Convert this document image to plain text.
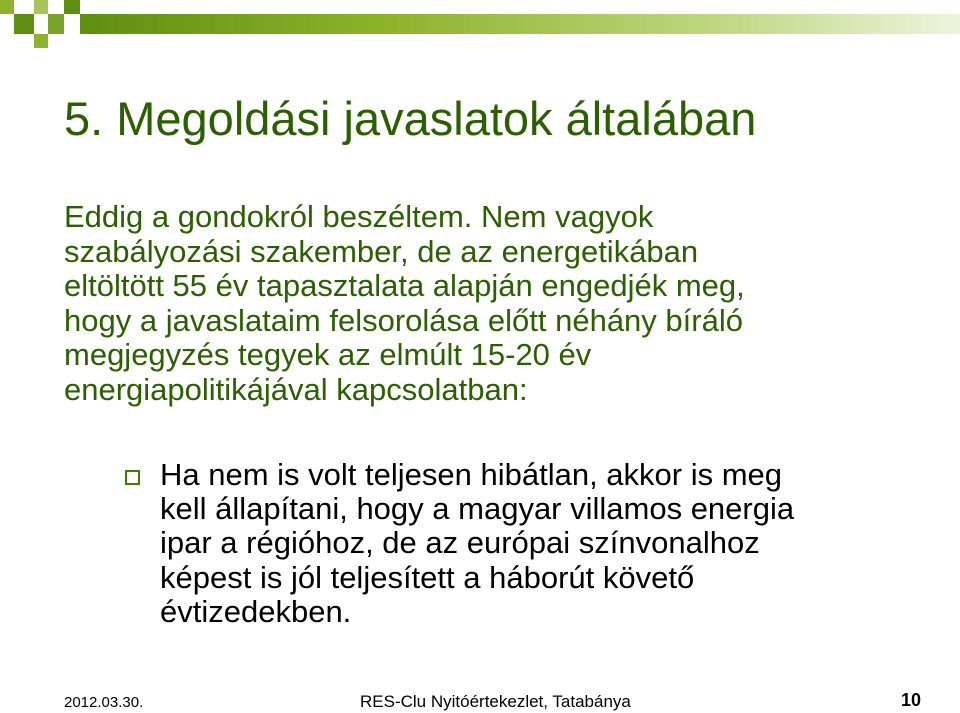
5. Megoldási javaslatok általában

Eddig a gondokról beszéltem. Nem vagyok
szabályozási szakember, de az energetikában
eltöltött 55 év tapasztalata alapján engedjék meg,
hogy a javaslataim felsorolása előtt néhány bíráló
megjegyzés tegyek az elmúlt 15-20 év
energiapolitikájával kapcsolatban:

Ha nem is volt teljesen hibátlan, akkor is meg
kell állapítani, hogy a magyar villamos energia
ipar a régióhoz, de az európai színvonalhoz
képest is jól teljesített a háborút követő
évtizedekben.

2012.03.30.	RES-Clu Nyitóértekezlet, Tatabánya	10
